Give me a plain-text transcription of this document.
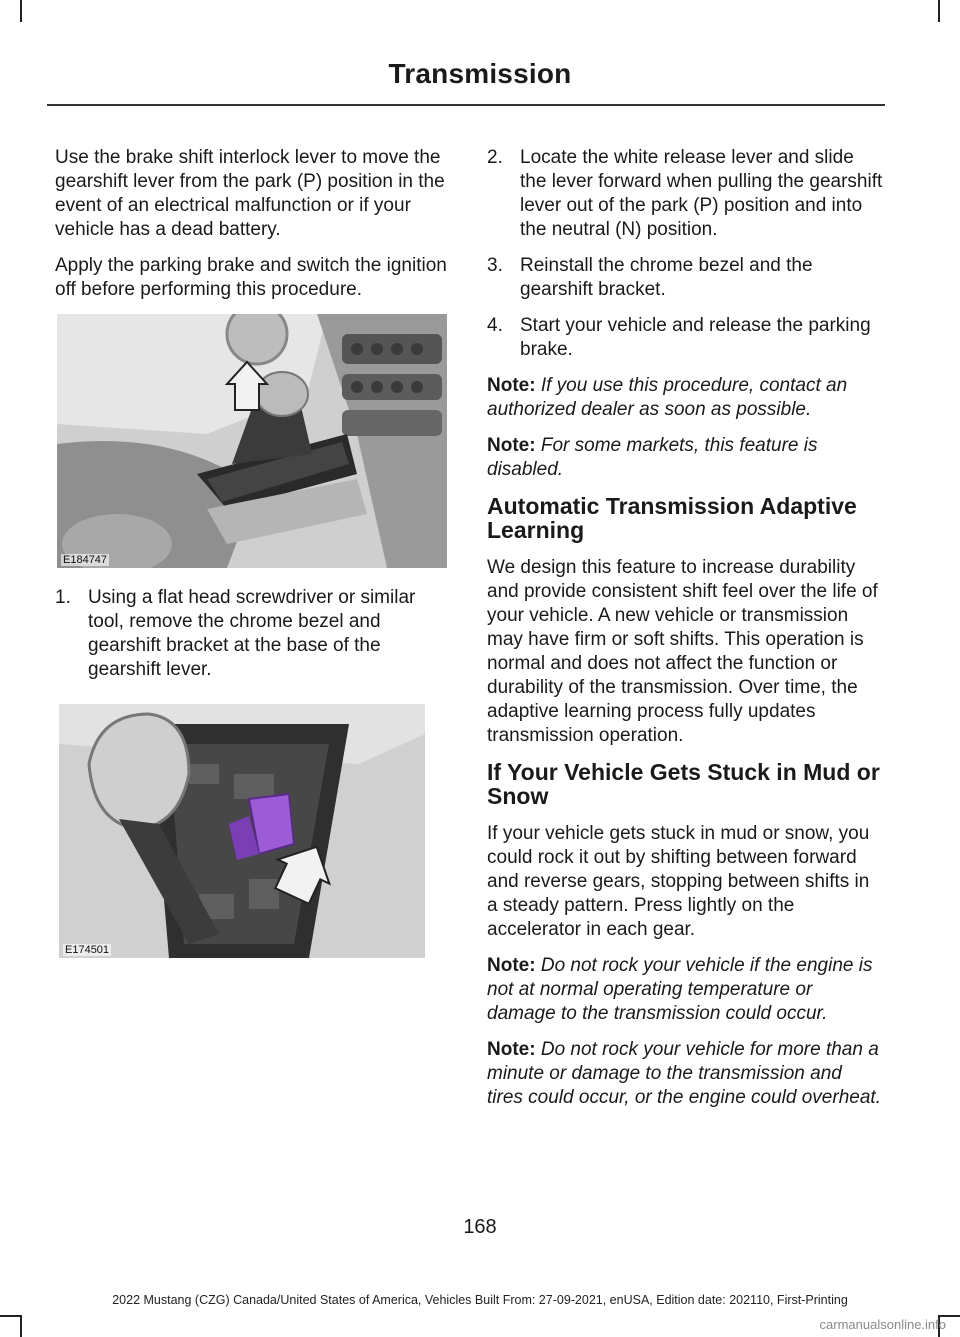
Transmission

Use the brake shift interlock lever to move the gearshift lever from the park (P) position in the event of an electrical malfunction or if your vehicle has a dead battery.

Apply the parking brake and switch the ignition off before performing this procedure.

E184747
1. Using a flat head screwdriver or similar tool, remove the chrome bezel and gearshift bracket at the base of the gearshift lever.
E174501
2. Locate the white release lever and slide the lever forward when pulling the gearshift lever out of the park (P) position and into the neutral (N) position.
3. Reinstall the chrome bezel and the gearshift bracket.
4. Start your vehicle and release the parking brake.

Note: If you use this procedure, contact an authorized dealer as soon as possible.

Note: For some markets, this feature is disabled.

Automatic Transmission Adaptive Learning

We design this feature to increase durability and provide consistent shift feel over the life of your vehicle. A new vehicle or transmission may have firm or soft shifts. This operation is normal and does not affect the function or durability of the transmission. Over time, the adaptive learning process fully updates transmission operation.

If Your Vehicle Gets Stuck in Mud or Snow

If your vehicle gets stuck in mud or snow, you could rock it out by shifting between forward and reverse gears, stopping between shifts in a steady pattern. Press lightly on the accelerator in each gear.

Note: Do not rock your vehicle if the engine is not at normal operating temperature or damage to the transmission could occur.

Note: Do not rock your vehicle for more than a minute or damage to the transmission and tires could occur, or the engine could overheat.

168
2022 Mustang (CZG) Canada/United States of America, Vehicles Built From: 27-09-2021, enUSA, Edition date: 202110, First-Printing
carmanualsonline.info
